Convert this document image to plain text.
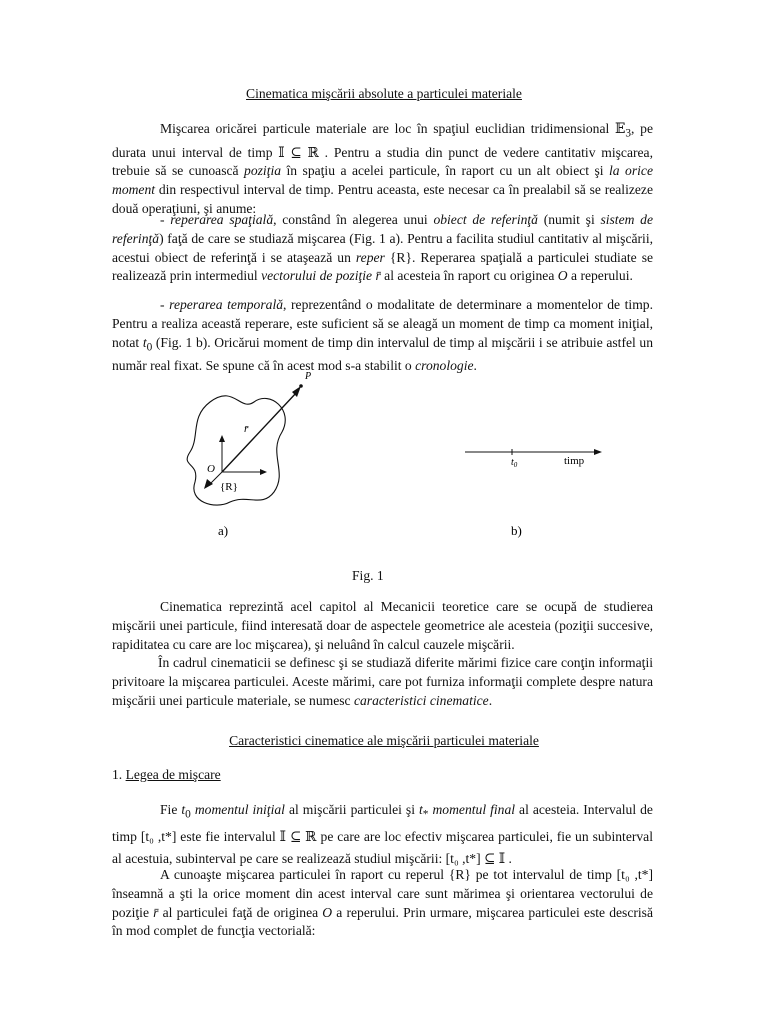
Cinematica mişcării absolute a particulei materiale
Mişcarea oricărei particule materiale are loc în spaţiul euclidian tridimensional 𝔼$_3$, pe durata unui interval de timp 𝕀 ⊆ ℝ . Pentru a studia din punct de vedere cantitativ mişcarea, trebuie să se cunoască poziţia în spaţiu a acelei particule, în raport cu un alt obiect şi la orice moment din respectivul interval de timp. Pentru aceasta, este necesar ca în prealabil să se realizeze două operaţiuni, şi anume:
- reperarea spaţială, constând în alegerea unui obiect de referinţă (numit şi sistem de referinţă) faţă de care se studiază mişcarea (Fig. 1 a). Pentru a facilita studiul cantitativ al mişcării, acestui obiect de referinţă i se ataşează un reper {R}. Reperarea spaţială a particulei studiate se realizează prin intermediul vectorului de poziţie r̄ al acesteia în raport cu originea O a reperului.
- reperarea temporală, reprezentând o modalitate de determinare a momentelor de timp. Pentru a realiza această reperare, este suficient să se aleagă un moment de timp ca moment iniţial, notat $t_0$ (Fig. 1 b). Oricărui moment de timp din intervalul de timp al mişcării i se atribuie astfel un număr real fixat. Se spune că în acest mod s-a stabilit o cronologie.
P
r̄
O
{R}
$t_0$	timp
a)	b)
Fig. 1
Cinematica reprezintă acel capitol al Mecanicii teoretice care se ocupă de studierea mişcării unei particule, fiind interesată doar de aspectele geometrice ale acesteia (poziţii succesive, rapiditatea cu care are loc mişcarea), şi neluând în calcul cauzele mişcării.
În cadrul cinematicii se definesc şi se studiază diferite mărimi fizice care conţin informaţii privitoare la mişcarea particulei. Aceste mărimi, care pot furniza informaţii complete despre natura mişcării unei particule materiale, se numesc caracteristici cinematice.
Caracteristici cinematice ale mişcării particulei materiale
1. Legea de mişcare
Fie $t_0$ momentul iniţial al mişcării particulei şi $t_*$ momentul final al acesteia. Intervalul de timp [t₀ ,t*] este fie intervalul 𝕀 ⊆ ℝ pe care are loc efectiv mişcarea particulei, fie un subinterval al acestuia, subinterval pe care se realizează studiul mişcării: [t₀ ,t*] ⊆ 𝕀 .
A cunoaşte mişcarea particulei în raport cu reperul {R} pe tot intervalul de timp [t₀ ,t*] înseamnă a şti la orice moment din acest interval care sunt mărimea şi orientarea vectorului de poziţie r̄ al particulei faţă de originea O a reperului. Prin urmare, mişcarea particulei este descrisă în mod complet de funcţia vectorială:
